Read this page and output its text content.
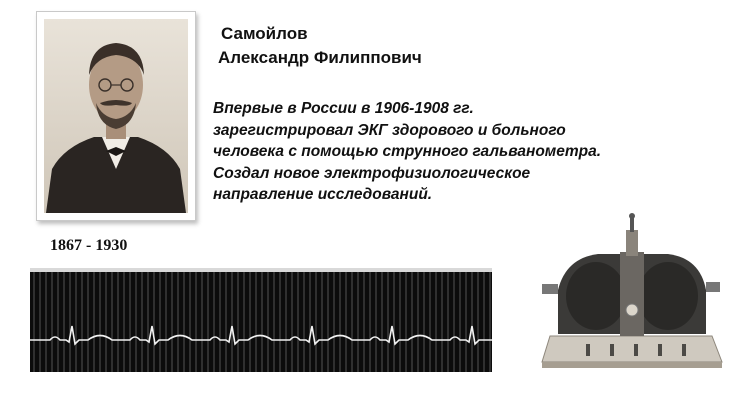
Самойлов
Александр Филиппович
Впервые в России в 1906-1908 гг.
зарегистрировал ЭКГ здорового и больного
человека с помощью струнного гальванометра.
Создал новое электрофизиологическое
направление исследований.
1867 - 1930
